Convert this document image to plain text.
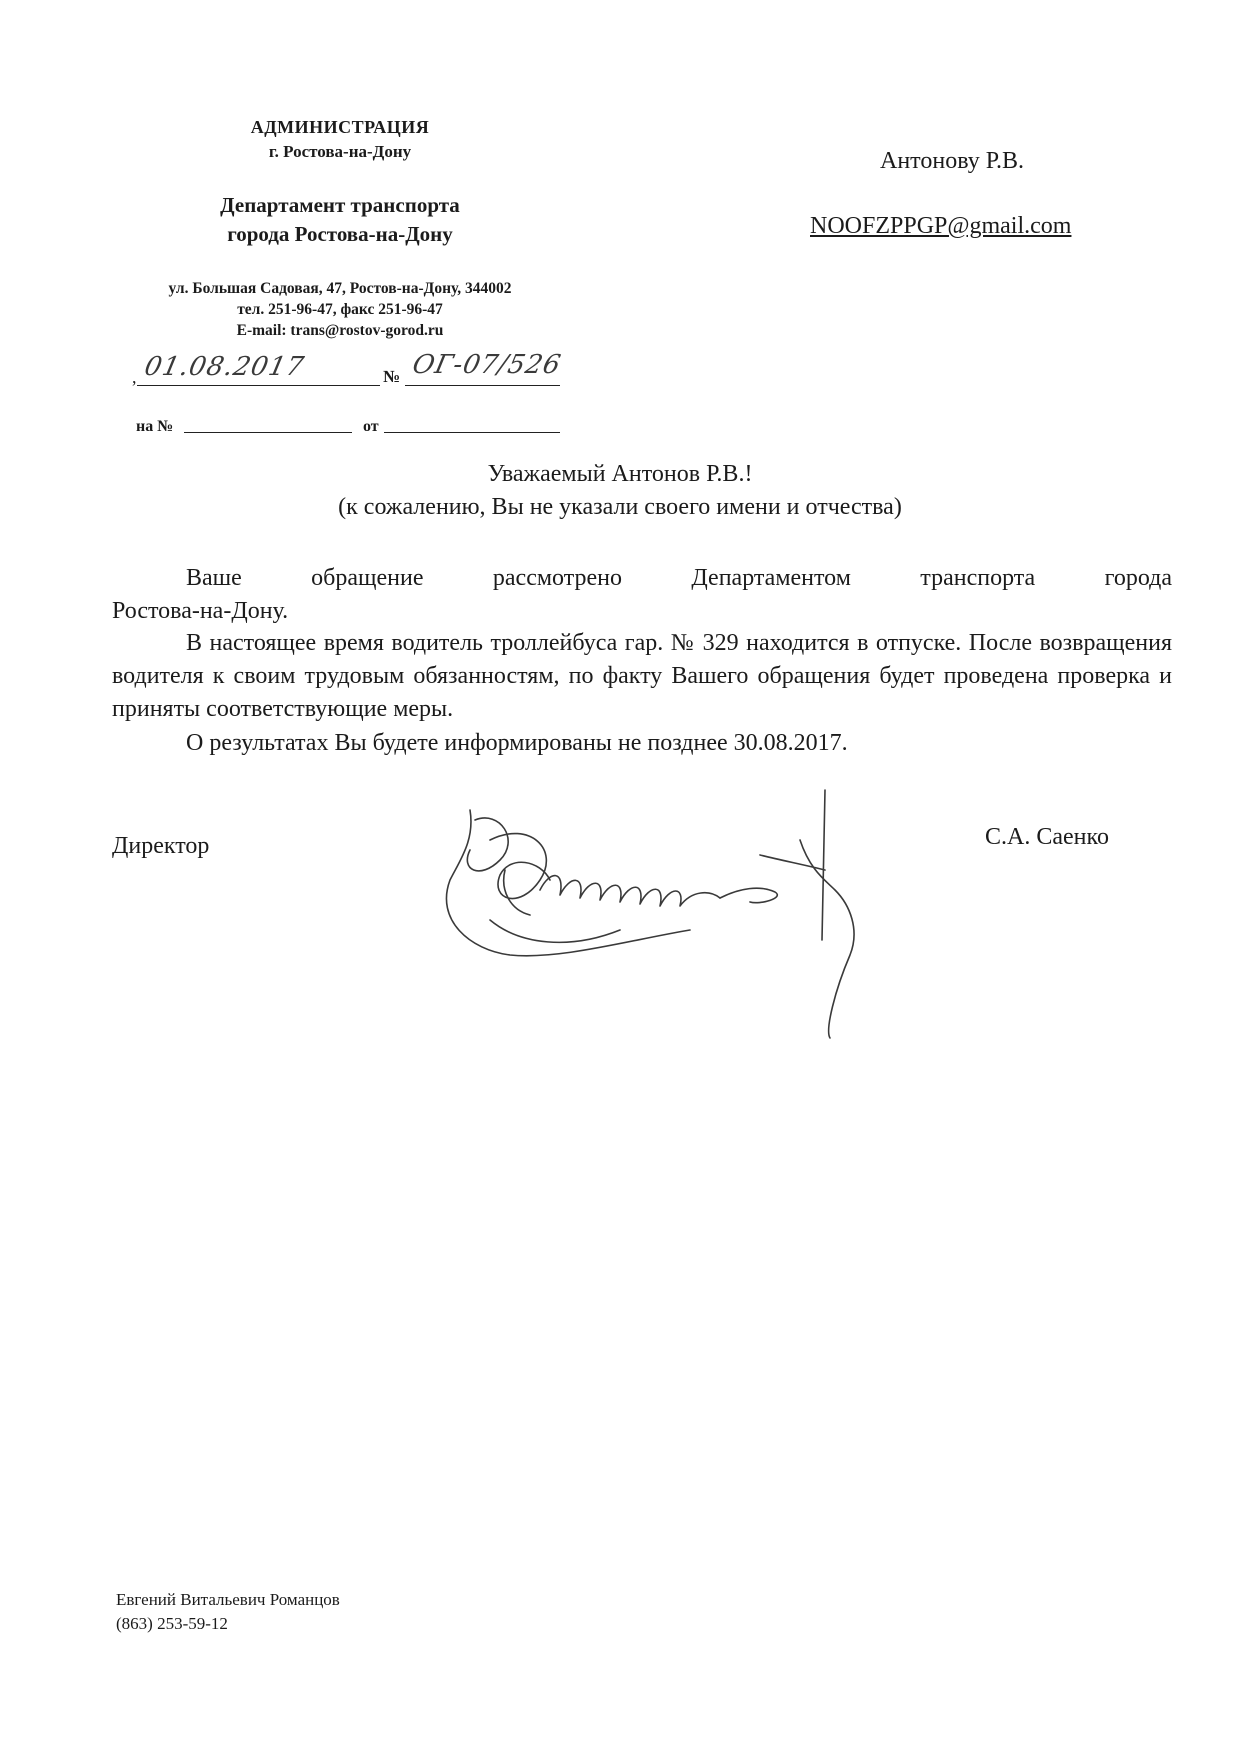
АДМИНИСТРАЦИЯ
г. Ростова-на-Дону
Департамент транспорта
города Ростова-на-Дону
ул. Большая Садовая, 47, Ростов-на-Дону, 344002
тел. 251-96-47, факс 251-96-47
E-mail: trans@rostov-gorod.ru
, 01.08.2017	№ ОГ-07/526
на №	от
Антонову Р.В.
NOOFZPPGP@gmail.com
Уважаемый Антонов Р.В.!
(к сожалению, Вы не указали своего имени и отчества)
Ваше обращение рассмотрено Департаментом транспорта города
Ростова-на-Дону.
В настоящее время водитель троллейбуса гар. № 329 находится в отпуске. После возвращения водителя к своим трудовым обязанностям, по факту Вашего обращения будет проведена проверка и приняты соответствующие меры.
О результатах Вы будете информированы не позднее 30.08.2017.
Директор	С.А. Саенко
Евгений Витальевич Романцов
(863) 253-59-12
